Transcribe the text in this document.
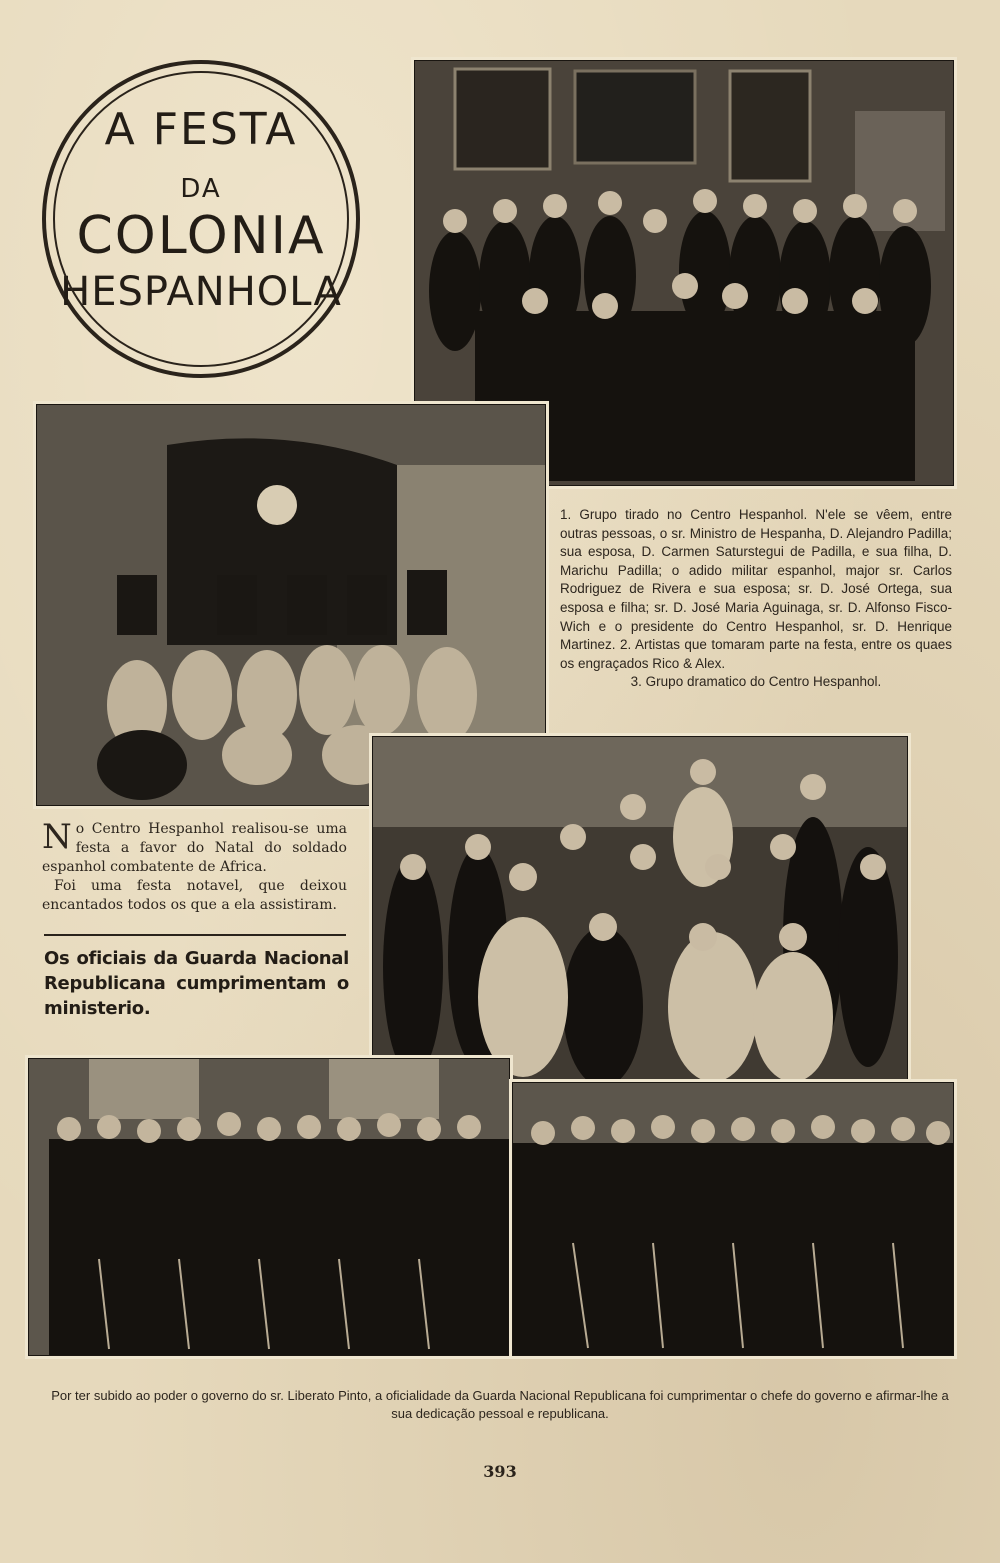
A FESTA
DA
COLONIA
HESPANHOLA

1. Grupo tirado no Centro Hespanhol. N'ele se vêem, entre outras pessoas, o sr. Ministro de Hespanha, D. Alejandro Padilla; sua esposa, D. Carmen Saturstegui de Padilla, e sua filha, D. Marichu Padilla; o adido militar espanhol, major sr. Carlos Rodriguez de Rivera e sua esposa; sr. D. José Ortega, sua esposa e filha; sr. D. José Maria Aguinaga, sr. D. Alfonso Fisco-Wich e o presidente do Centro Hespanhol, sr. D. Henrique Martinez. 2. Artistas que tomaram parte na festa, entre os quaes os engraçados Rico & Alex.

3. Grupo dramatico do Centro Hespanhol.

N o Centro Hespanhol realisou-se uma festa a favor do Natal do soldado espanhol combatente de Africa.

Foi uma festa notavel, que deixou encantados todos os que a ela assistiram.

Os oficiais da Guarda Nacional Republicana cumprimentam o ministerio.
Por ter subido ao poder o governo do sr. Liberato Pinto, a oficialidade da Guarda Nacional Republicana foi cumprimentar o chefe do governo e afirmar-lhe a sua dedicação pessoal e republicana.
393
